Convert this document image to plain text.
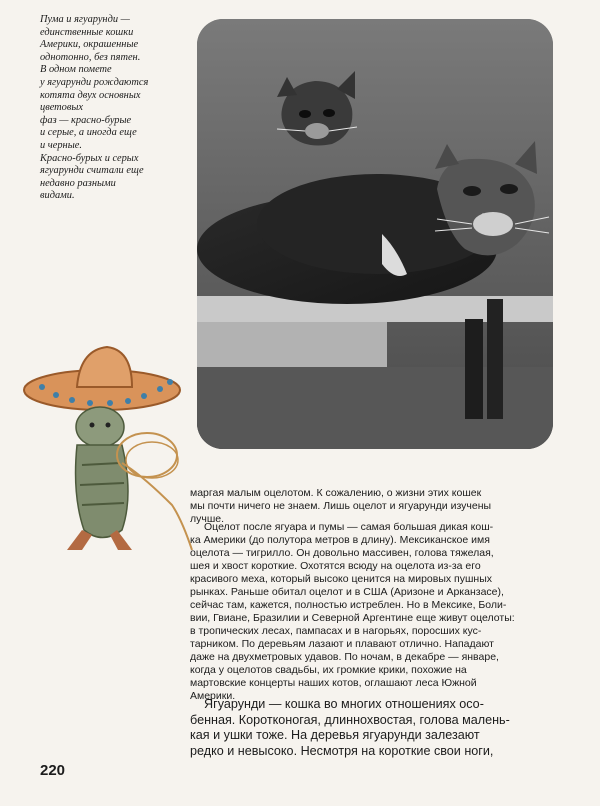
Пума и ягуарунди —
единственные кошки
Америки, окрашенные
однотонно, без пятен.
В одном помете
у ягуарунди рождаются
котята двух основных
цветовых
фаз — красно-бурые
и серые, а иногда еще
и черные.
Красно-бурых и серых
ягуарунди считали еще
недавно разными
видами.
маргая малым оцелотом. К сожалению, о жизни этих кошек
мы почти ничего не знаем. Лишь оцелот и ягуарунди изучены
лучше.
Оцелот после ягуара и пумы — самая большая дикая кош-
ка Америки (до полутора метров в длину). Мексиканское имя
оцелота — тигрилло. Он довольно массивен, голова тяжелая,
шея и хвост короткие. Охотятся всюду на оцелота из-за его
красивого меха, который высоко ценится на мировых пушных
рынках. Раньше обитал оцелот и в США (Аризоне и Арканзасе),
сейчас там, кажется, полностью истреблен. Но в Мексике, Боли-
вии, Гвиане, Бразилии и Северной Аргентине еще живут оцелоты:
в тропических лесах, пампасах и в нагорьях, поросших кус-
тарником. По деревьям лазают и плавают отлично. Нападают
даже на двухметровых удавов. По ночам, в декабре — январе,
когда у оцелотов свадьбы, их громкие крики, похожие на
мартовские концерты наших котов, оглашают леса Южной
Америки.
Ягуарунди — кошка во многих отношениях осо-
бенная. Коротконогая, длиннохвостая, голова малень-
кая и ушки тоже. На деревья ягуарунди залезают
редко и невысоко. Несмотря на короткие свои ноги,
220
